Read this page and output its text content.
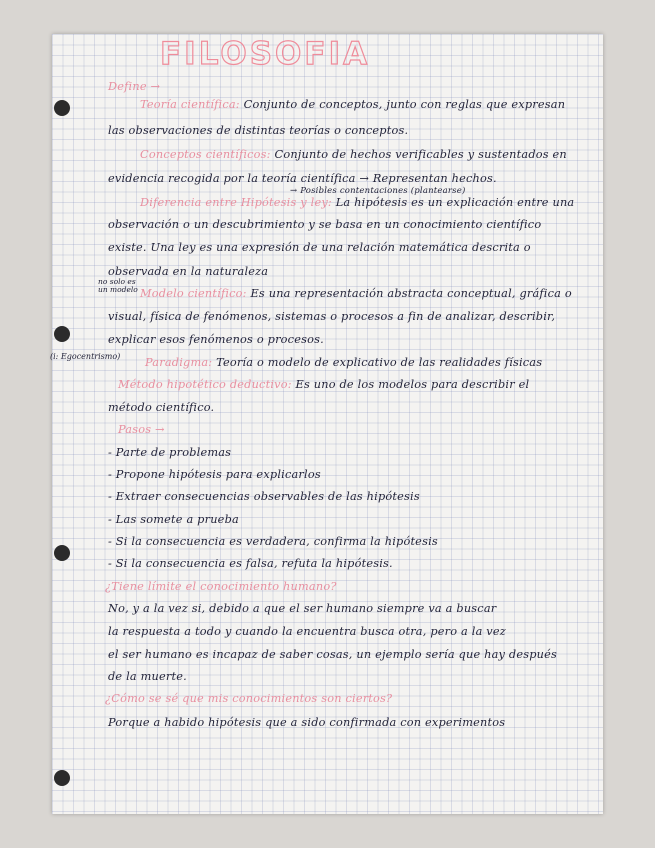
FILOSOFIA
Define →
no solo es un modelo
(i: Egocentrismo)
Teoría científica: Conjunto de conceptos, junto con reglas que expresan
las observaciones de distintas teorías o conceptos.
Conceptos científicos: Conjunto de hechos verificables y sustentados en
evidencia recogida por la teoría científica → Representan hechos.
→ Posibles contentaciones (plantearse)
Diferencia entre Hipótesis y ley: La hipótesis es un explicación entre una
observación o un descubrimiento y se basa en un conocimiento científico
existe. Una ley es una expresión de una relación matemática descrita o
observada en la naturaleza
Modelo científico: Es una representación abstracta conceptual, gráfica o
visual, física de fenómenos, sistemas o procesos a fin de analizar, describir,
explicar esos fenómenos o procesos.
Paradigma: Teoría o modelo de explicativo de las realidades físicas
Método hipotético deductivo: Es uno de los modelos para describir el
método científico.
Pasos →
- Parte de problemas
- Propone hipótesis para explicarlos
- Extraer consecuencias observables de las hipótesis
- Las somete a prueba
- Si la consecuencia es verdadera, confirma la hipótesis
- Si la consecuencia es falsa, refuta la hipótesis.
¿Tiene límite el conocimiento humano?
No, y a la vez si, debido a que el ser humano siempre va a buscar
la respuesta a todo y cuando la encuentra busca otra, pero a la vez
el ser humano es incapaz de saber cosas, un ejemplo sería que hay después
de la muerte.
¿Cómo se sé que mis conocimientos son ciertos?
Porque a habido hipótesis que a sido confirmada con experimentos
